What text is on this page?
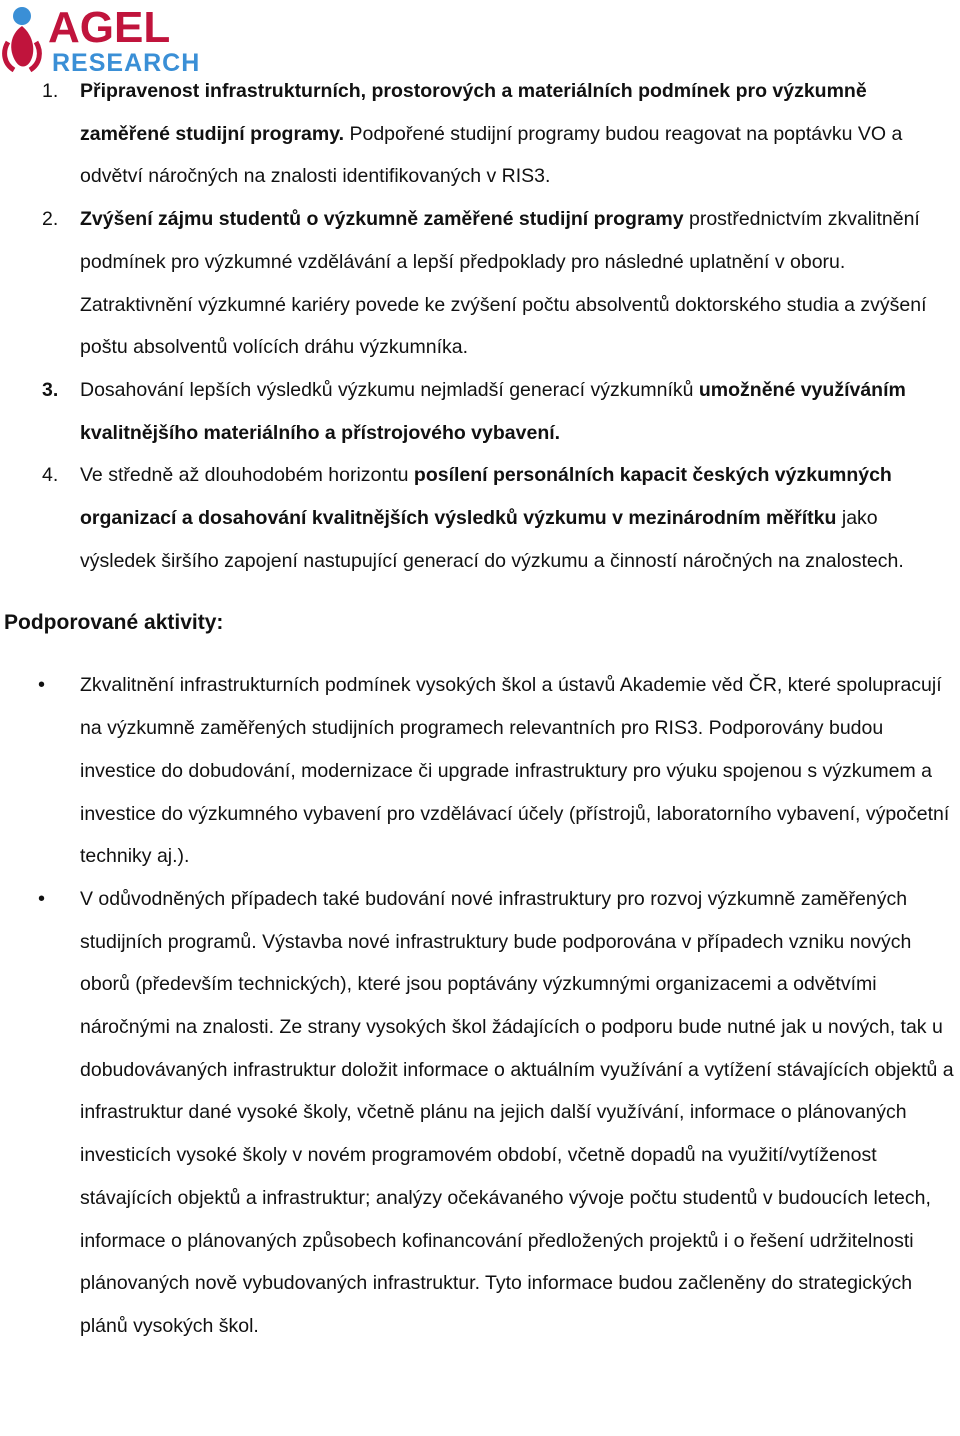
AGEL
RESEARCH
1.	Připravenost infrastrukturních, prostorových a materiálních podmínek pro výzkumně zaměřené studijní programy. Podpořené studijní programy budou reagovat na poptávku VO a odvětví náročných na znalosti identifikovaných v RIS3.
2.	Zvýšení zájmu studentů o výzkumně zaměřené studijní programy prostřednictvím zkvalitnění podmínek pro výzkumné vzdělávání a lepší předpoklady pro následné uplatnění v oboru. Zatraktivnění výzkumné kariéry povede ke zvýšení počtu absolventů doktorského studia a zvýšení poštu absolventů volících dráhu výzkumníka.
3.	Dosahování lepších výsledků výzkumu nejmladší generací výzkumníků umožněné využíváním kvalitnějšího materiálního a přístrojového vybavení.
4.	Ve středně až dlouhodobém horizontu posílení personálních kapacit českých výzkumných organizací a dosahování kvalitnějších výsledků výzkumu v mezinárodním měřítku jako výsledek širšího zapojení nastupující generací do výzkumu a činností náročných na znalostech.
Podporované aktivity:
•	Zkvalitnění infrastrukturních podmínek vysokých škol a ústavů Akademie věd ČR, které spolupracují na výzkumně zaměřených studijních programech relevantních pro RIS3. Podporovány budou investice do dobudování, modernizace či upgrade infrastruktury pro výuku spojenou s výzkumem a investice do výzkumného vybavení pro vzdělávací účely (přístrojů, laboratorního vybavení, výpočetní techniky aj.).
•	V odůvodněných případech také budování nové infrastruktury pro rozvoj výzkumně zaměřených studijních programů. Výstavba nové infrastruktury bude podporována v případech vzniku nových oborů (především technických), které jsou poptávány výzkumnými organizacemi a odvětvími náročnými na znalosti. Ze strany vysokých škol žádajících o podporu bude nutné jak u nových, tak u dobudovávaných infrastruktur doložit informace o aktuálním využívání a vytížení stávajících objektů a infrastruktur dané vysoké školy, včetně plánu na jejich další využívání, informace o plánovaných investicích vysoké školy v novém programovém období, včetně dopadů na využití/vytíženost stávajících objektů a infrastruktur; analýzy očekávaného vývoje počtu studentů v budoucích letech, informace o plánovaných způsobech kofinancování předložených projektů i o řešení udržitelnosti plánovaných nově vybudovaných infrastruktur. Tyto informace budou začleněny do strategických plánů vysokých škol.
